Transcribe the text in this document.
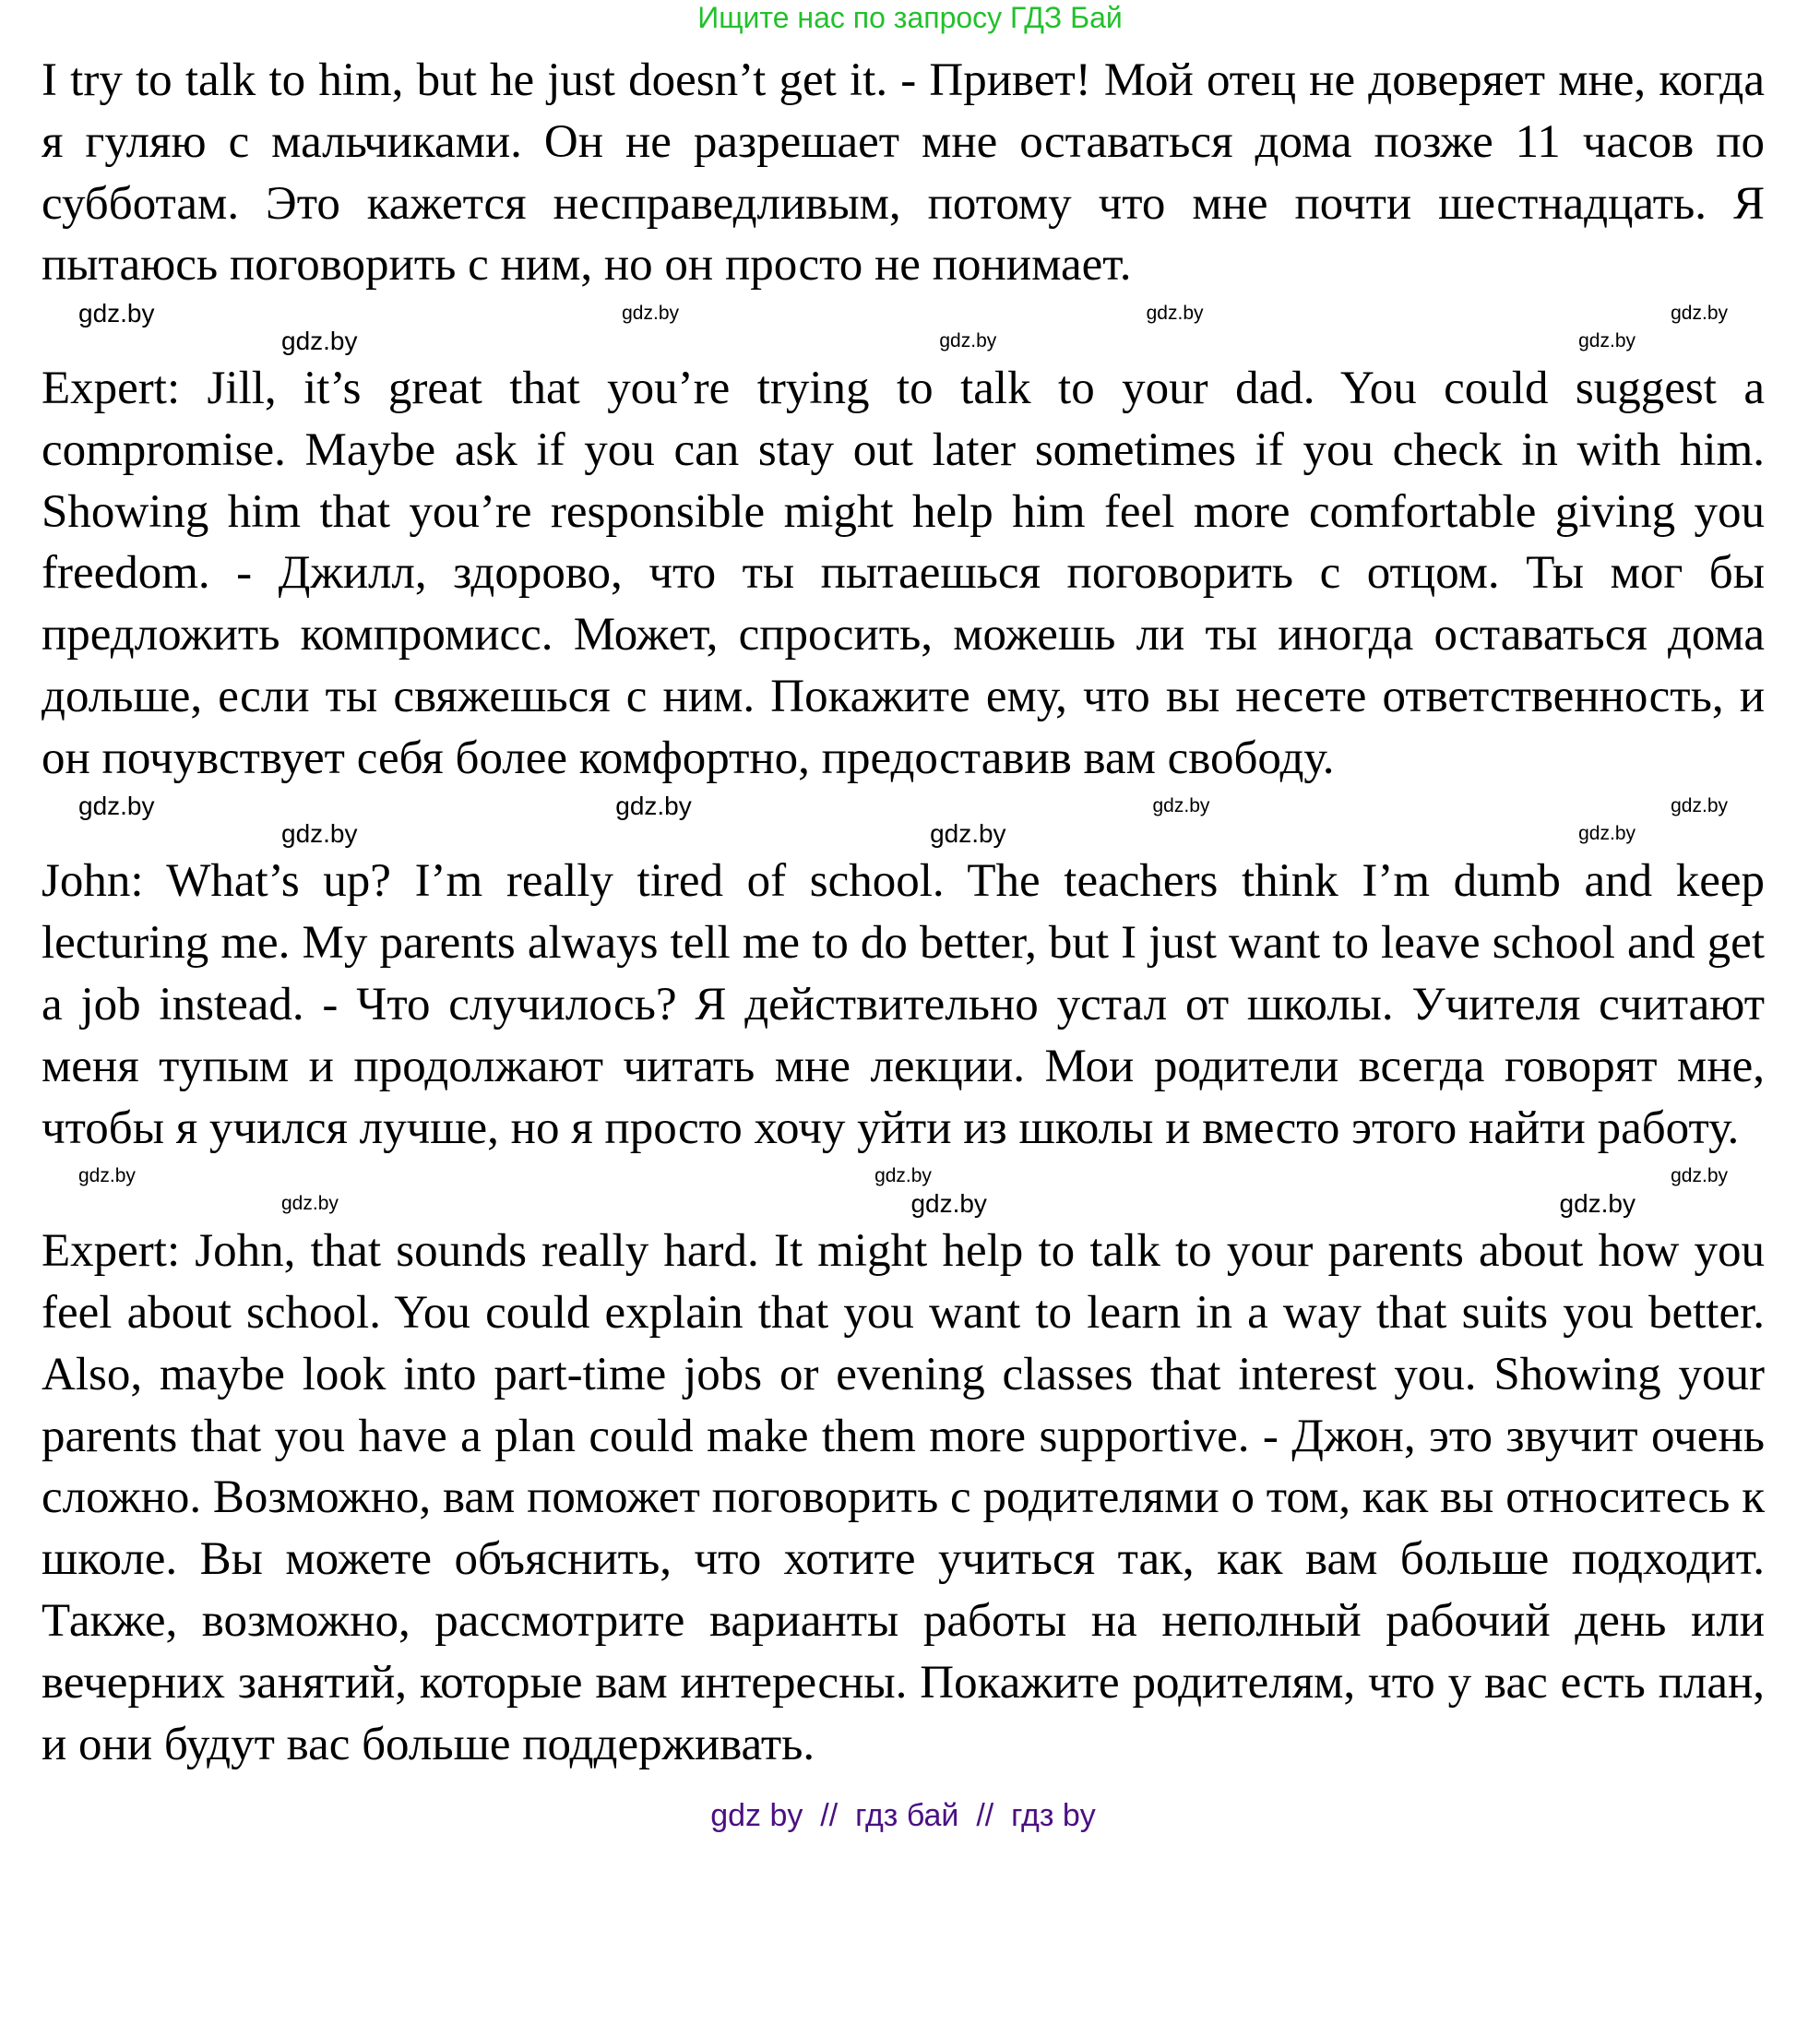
Ищите нас по запросу ГДЗ Бай

I try to talk to him, but he just doesn’t get it. - Привет! Мой отец не доверяет мне, когда я гуляю с мальчиками. Он не разрешает мне оставаться дома позже 11 часов по субботам. Это кажется несправедливым, потому что мне почти шестнадцать. Я пытаюсь поговорить с ним, но он просто не понимает.

gdz.by	gdz.by	gdz.by	gdz.by
gdz.by	gdz.by	gdz.by

Expert: Jill, it’s great that you’re trying to talk to your dad. You could suggest a compromise. Maybe ask if you can stay out later sometimes if you check in with him. Showing him that you’re responsible might help him feel more comfortable giving you freedom. - Джилл, здорово, что ты пытаешься поговорить с отцом. Ты мог бы предложить компромисс. Может, спросить, можешь ли ты иногда оставаться дома дольше, если ты свяжешься с ним. Покажите ему, что вы несете ответственность, и он почувствует себя более комфортно, предоставив вам свободу.

gdz.by	gdz.by	gdz.by	gdz.by
gdz.by	gdz.by	gdz.by

John: What’s up? I’m really tired of school. The teachers think I’m dumb and keep lecturing me. My parents always tell me to do better, but I just want to leave school and get a job instead. - Что случилось? Я действительно устал от школы. Учителя считают меня тупым и продолжают читать мне лекции. Мои родители всегда говорят мне, чтобы я учился лучше, но я просто хочу уйти из школы и вместо этого найти работу.

gdz.by	gdz.by	gdz.by
gdz.by	gdz.by	gdz.by

Expert: John, that sounds really hard. It might help to talk to your parents about how you feel about school. You could explain that you want to learn in a way that suits you better. Also, maybe look into part-time jobs or evening classes that interest you. Showing your parents that you have a plan could make them more supportive. - Джон, это звучит очень сложно. Возможно, вам поможет поговорить с родителями о том, как вы относитесь к школе. Вы можете объяснить, что хотите учиться так, как вам больше подходит. Также, возможно, рассмотрите варианты работы на неполный рабочий день или вечерних занятий, которые вам интересны. Покажите родителям, что у вас есть план, и они будут вас больше поддерживать.

gdz by  //  гдз бай  //  гдз by
